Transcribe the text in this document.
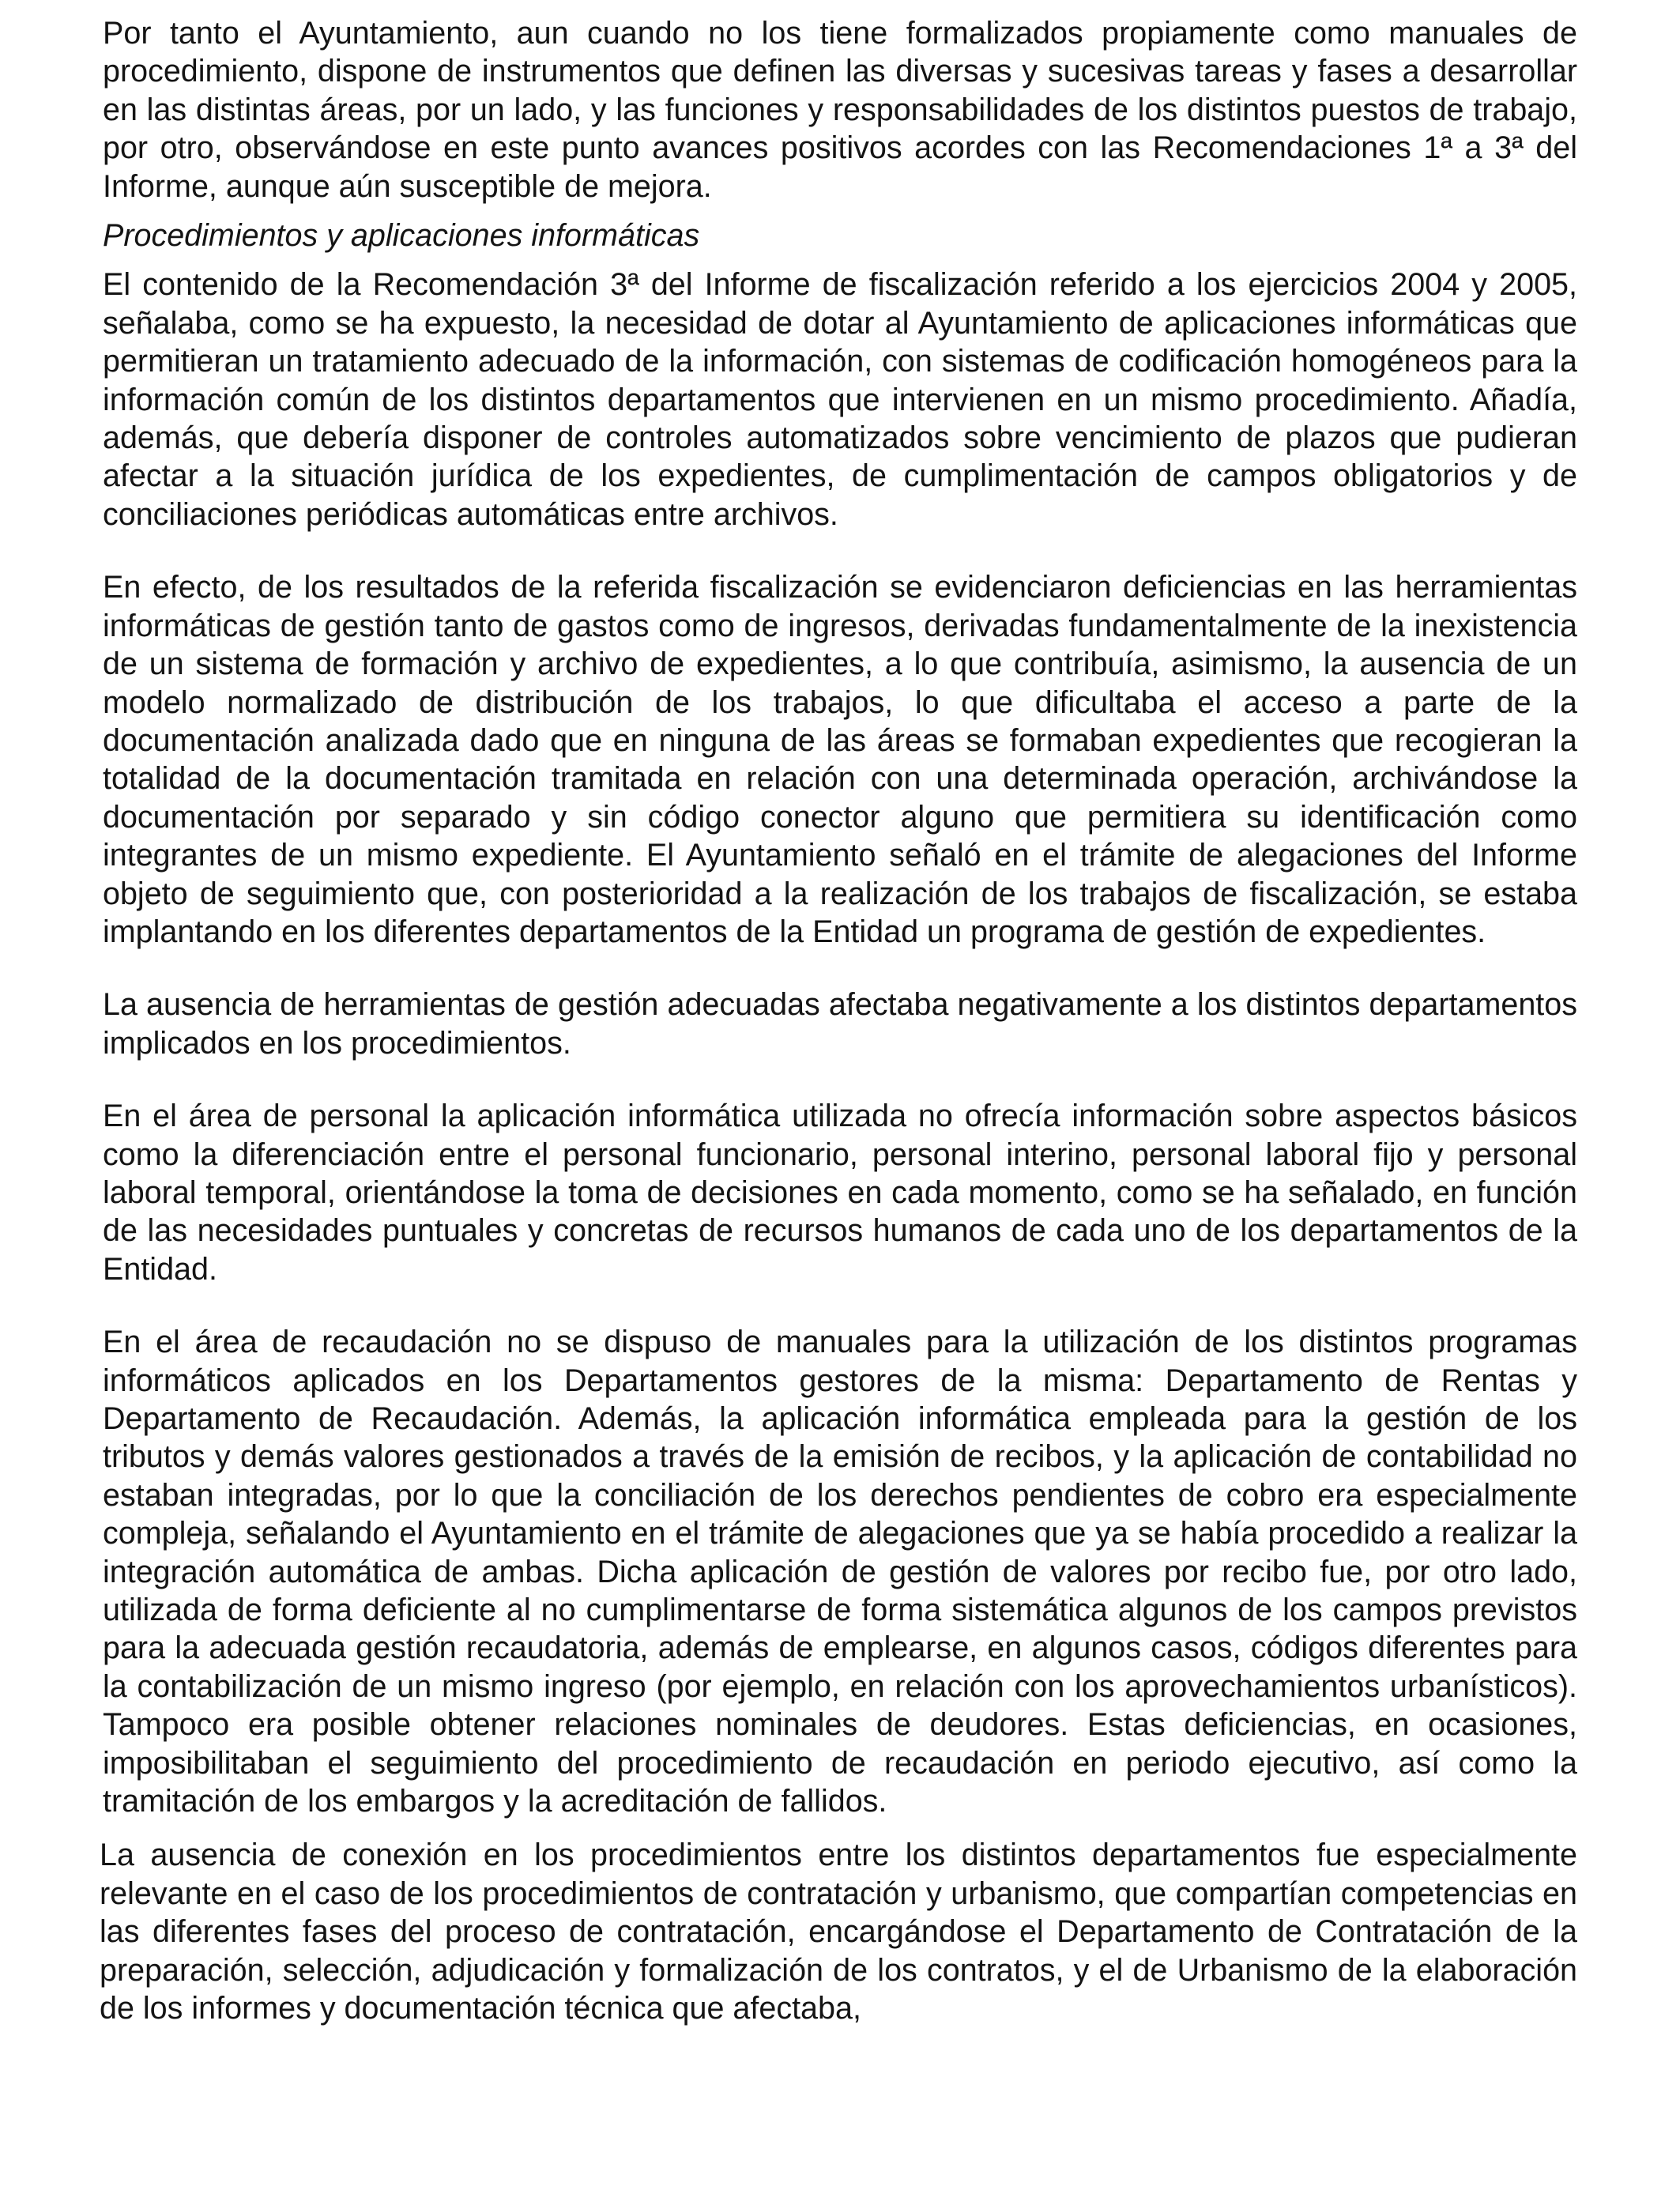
Por tanto el Ayuntamiento, aun cuando no los tiene formalizados propiamente como manuales de procedimiento, dispone de instrumentos que definen las diversas y sucesivas tareas y fases a desarrollar en las distintas áreas, por un lado, y las funciones y responsabilidades de los distintos puestos de trabajo, por otro, observándose en este punto avances positivos acordes con las Recomendaciones 1ª a 3ª del Informe, aunque aún susceptible de mejora.

Procedimientos y aplicaciones informáticas

El contenido de la Recomendación 3ª del Informe de fiscalización referido a los ejercicios 2004 y 2005, señalaba, como se ha expuesto, la necesidad de dotar al Ayuntamiento de aplicaciones informáticas que permitieran un tratamiento adecuado de la información, con sistemas de codificación homogéneos para la información común de los distintos departamentos que intervienen en un mismo procedimiento. Añadía, además, que debería disponer de controles automatizados sobre vencimiento de plazos que pudieran afectar a la situación jurídica de los expedientes, de cumplimentación de campos obligatorios y de conciliaciones periódicas automáticas entre archivos.

En efecto, de los resultados de la referida fiscalización se evidenciaron deficiencias en las herramientas informáticas de gestión tanto de gastos como de ingresos, derivadas fundamentalmente de la inexistencia de un sistema de formación y archivo de expedientes, a lo que contribuía, asimismo, la ausencia de un modelo normalizado de distribución de los trabajos, lo que dificultaba el acceso a parte de la documentación analizada dado que en ninguna de las áreas se formaban expedientes que recogieran la totalidad de la documentación tramitada en relación con una determinada operación, archivándose la documentación por separado y sin código conector alguno que permitiera su identificación como integrantes de un mismo expediente. El Ayuntamiento señaló en el trámite de alegaciones del Informe objeto de seguimiento que, con posterioridad a la realización de los trabajos de fiscalización, se estaba implantando en los diferentes departamentos de la Entidad un programa de gestión de expedientes.

La ausencia de herramientas de gestión adecuadas afectaba negativamente a los distintos departamentos implicados en los procedimientos.

En el área de personal la aplicación informática utilizada no ofrecía información sobre aspectos básicos como la diferenciación entre el personal funcionario, personal interino, personal laboral fijo y personal laboral temporal, orientándose la toma de decisiones en cada momento, como se ha señalado, en función de las necesidades puntuales y concretas de recursos humanos de cada uno de los departamentos de la Entidad.

En el área de recaudación no se dispuso de manuales para la utilización de los distintos programas informáticos aplicados en los Departamentos gestores de la misma: Departamento de Rentas y Departamento de Recaudación. Además, la aplicación informática empleada para la gestión de los tributos y demás valores gestionados a través de la emisión de recibos, y la aplicación de contabilidad no estaban integradas, por lo que la conciliación de los derechos pendientes de cobro era especialmente compleja, señalando el Ayuntamiento en el trámite de alegaciones que ya se había procedido a realizar la integración automática de ambas. Dicha aplicación de gestión de valores por recibo fue, por otro lado, utilizada de forma deficiente al no cumplimentarse de forma sistemática algunos de los campos previstos para la adecuada gestión recaudatoria, además de emplearse, en algunos casos, códigos diferentes para la contabilización de un mismo ingreso (por ejemplo, en relación con los aprovechamientos urbanísticos). Tampoco era posible obtener relaciones nominales de deudores. Estas deficiencias, en ocasiones, imposibilitaban el seguimiento del procedimiento de recaudación en periodo ejecutivo, así como la tramitación de los embargos y la acreditación de fallidos.

La ausencia de conexión en los procedimientos entre los distintos departamentos fue especialmente relevante en el caso de los procedimientos de contratación y urbanismo, que compartían competencias en las diferentes fases del proceso de contratación, encargándose el Departamento de Contratación de la preparación, selección, adjudicación y formalización de los contratos, y el de Urbanismo de la elaboración de los informes y documentación técnica que afectaba,
